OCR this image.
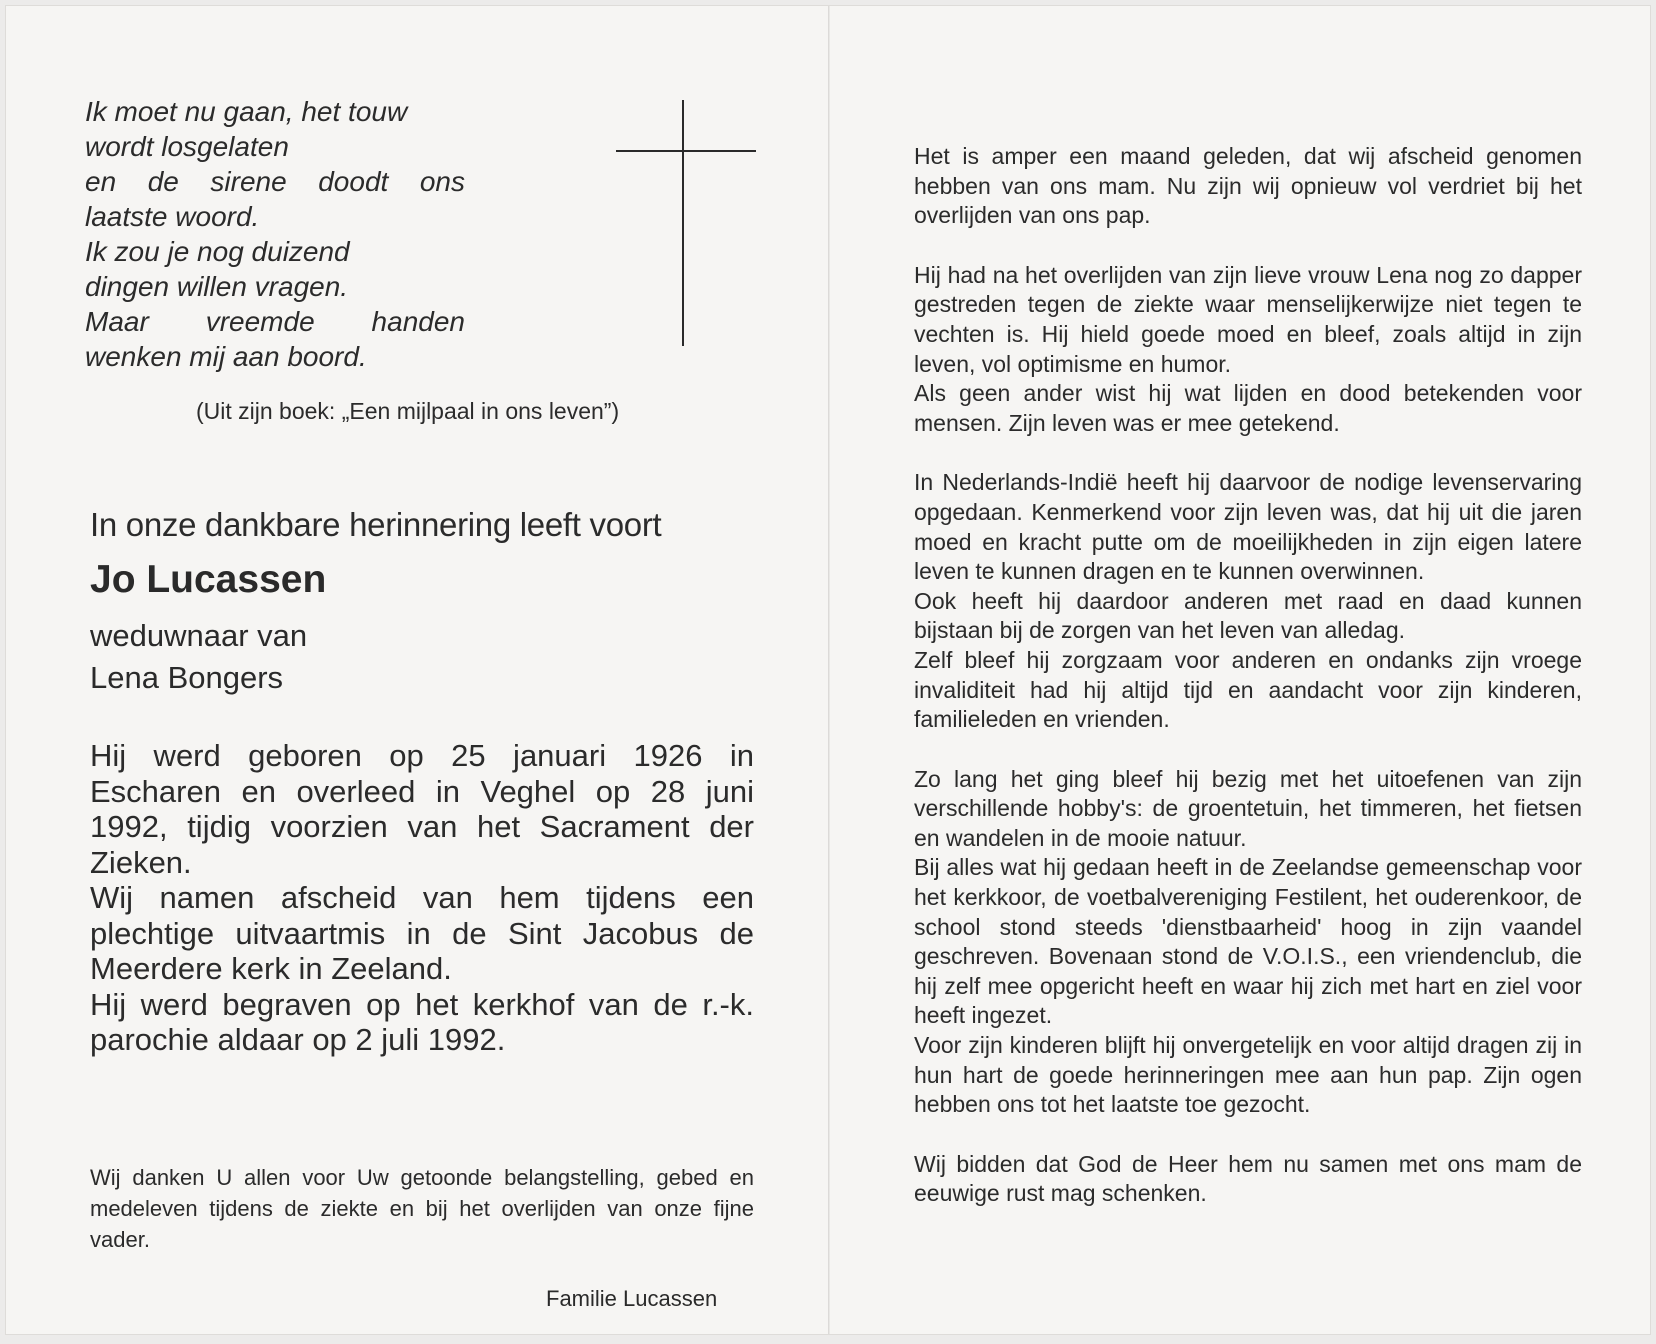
Ik moet nu gaan, het touw
wordt losgelaten
en de sirene doodt ons
laatste woord.
Ik zou je nog duizend
dingen willen vragen.
Maar vreemde handen
wenken mij aan boord.
(Uit zijn boek: „Een mijlpaal in ons leven”)
In onze dankbare herinnering leeft voort
Jo Lucassen
weduwnaar van
Lena Bongers

Hij werd geboren op 25 januari 1926 in Escharen en overleed in Veghel op 28 juni 1992, tijdig voorzien van het Sacrament der Zieken.

Wij namen afscheid van hem tijdens een plechtige uitvaartmis in de Sint Jacobus de Meerdere kerk in Zeeland.

Hij werd begraven op het kerkhof van de r.-k. parochie aldaar op 2 juli 1992.

Wij danken U allen voor Uw getoonde belangstelling, gebed en medeleven tijdens de ziekte en bij het overlijden van onze fijne vader.
Familie Lucassen

Het is amper een maand geleden, dat wij afscheid genomen hebben van ons mam. Nu zijn wij opnieuw vol verdriet bij het overlijden van ons pap.

Hij had na het overlijden van zijn lieve vrouw Lena nog zo dapper gestreden tegen de ziekte waar menselijkerwijze niet tegen te vechten is. Hij hield goede moed en bleef, zoals altijd in zijn leven, vol optimisme en humor.

Als geen ander wist hij wat lijden en dood betekenden voor mensen. Zijn leven was er mee getekend.

In Nederlands-Indië heeft hij daarvoor de nodige levenservaring opgedaan. Kenmerkend voor zijn leven was, dat hij uit die jaren moed en kracht putte om de moeilijkheden in zijn eigen latere leven te kunnen dragen en te kunnen overwinnen.

Ook heeft hij daardoor anderen met raad en daad kunnen bijstaan bij de zorgen van het leven van alledag.

Zelf bleef hij zorgzaam voor anderen en ondanks zijn vroege invaliditeit had hij altijd tijd en aandacht voor zijn kinderen, familieleden en vrienden.

Zo lang het ging bleef hij bezig met het uitoefenen van zijn verschillende hobby's: de groentetuin, het timmeren, het fietsen en wandelen in de mooie natuur.

Bij alles wat hij gedaan heeft in de Zeelandse gemeenschap voor het kerkkoor, de voetbalvereniging Festilent, het ouderenkoor, de school stond steeds 'dienstbaarheid' hoog in zijn vaandel geschreven. Bovenaan stond de V.O.I.S., een vriendenclub, die hij zelf mee opgericht heeft en waar hij zich met hart en ziel voor heeft ingezet.

Voor zijn kinderen blijft hij onvergetelijk en voor altijd dragen zij in hun hart de goede herinneringen mee aan hun pap. Zijn ogen hebben ons tot het laatste toe gezocht.

Wij bidden dat God de Heer hem nu samen met ons mam de eeuwige rust mag schenken.
